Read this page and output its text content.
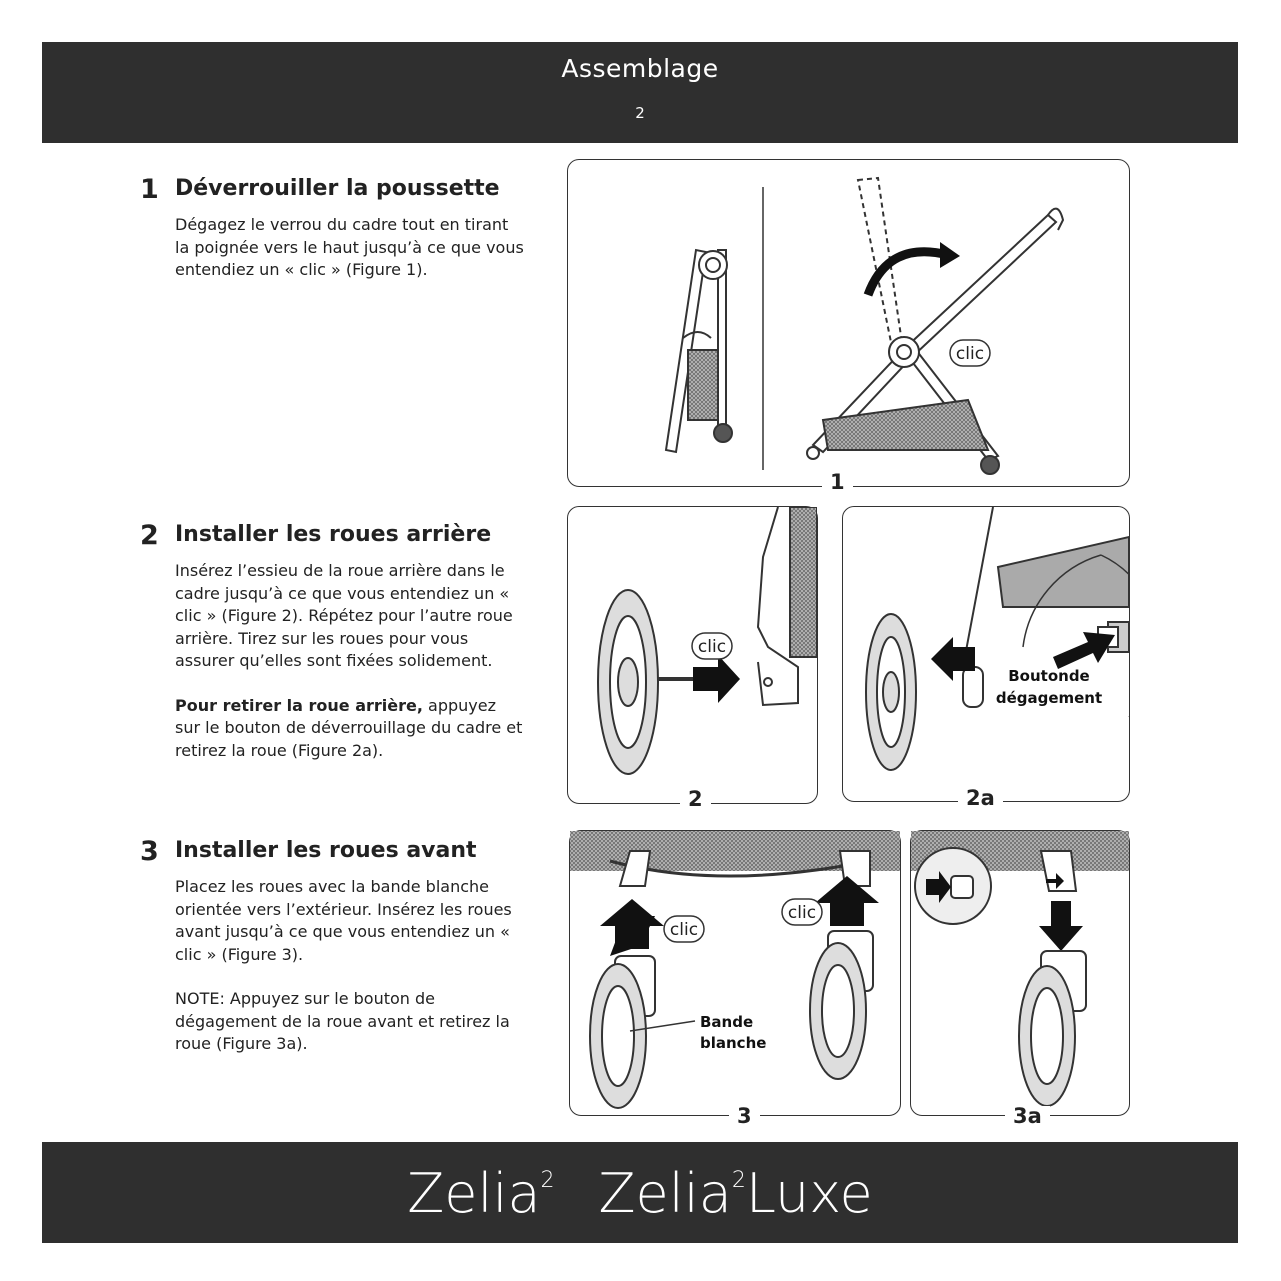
Assemblage
2
1 Déverrouiller la poussette

Dégagez le verrou du cadre tout en tirant la poignée vers le haut jusqu’à ce que vous entendiez un « clic » (Figure 1).

2 Installer les roues arrière

Insérez l’essieu de la roue arrière dans le cadre jusqu’à ce que vous entendiez un « clic » (Figure 2). Répétez pour l’autre roue arrière. Tirez sur les roues pour vous assurer qu’elles sont fixées solidement.

Pour retirer la roue arrière, appuyez sur le bouton de déverrouillage du cadre et retirez la roue (Figure 2a).

3 Installer les roues avant

Placez les roues avec la bande blanche orientée vers l’extérieur. Insérez les roues avant jusqu’à ce que vous entendiez un « clic » (Figure 3).

NOTE: Appuyez sur le bouton de dégagement de la roue avant et retirez la roue (Figure 3a).

clic
1
clic
2
Boutonde
dégagement
2a
clic
clic
Bande
blanche
3	3a
Zelia$^2$ Zelia$^2$Luxe
